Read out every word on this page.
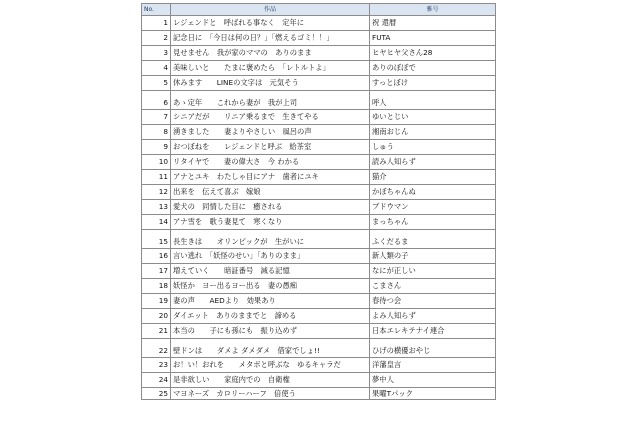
No.	作品	雅号
1	レジェンドと　呼ばれる事なく　定年に	祝 還暦
2	記念日に　「今日は何の日？」「燃えるゴミ！！」	FUTA
3	見せません　我が家のママの　ありのまま	ヒヤヒヤ父さん28
4	美味しいと　　たまに褒めたら　「レトルトよ」	ありのぼぼで
5	休みます　　LINEの文字は　元気そう	すっとぼけ
6	あゝ定年　　これから妻が　我が上司	呼人
7	シニアだが　　リニア乗るまで　生きてやる	ゆいとじい
8	湧きました　　妻よりやさしい　風呂の声	湘南おじん
9	おつぼねを　　レジェンドと呼ぶ　給茶室	しゅう
10	リタイヤで　　妻の偉大さ　今 わかる	読み人知らず
11	アナとユキ　わたしゃ目にアナ　歯者にユキ	猫介
12	出来を　伝えて喜ぶ　嫁娘	かぼちゃんぬ
13	愛犬の　同情した目に　癒される	ブドウマン
14	アナ雪を　歌う妻見て　寒くなり	まっちゃん
15	長生きは　　オリンピックが　生がいに	ふくだるま
16	言い逃れ　「妖怪のせい」「ありのまま」	新人類の子
17	増えていく　　暗証番号　減る記憶	なにが正しい
18	妖怪か　ヨー出るヨー出る　妻の愚痴	こまさん
19	妻の声　　AEDより　効果あり	春待つ会
20	ダイエット　ありのままでと　諦める	よみ人知らず
21	本当の　　子にも孫にも　振り込めず	日本エレキテナイ連合
22	壁ドンは　　ダメよ ダメダメ　借家でしょ!!	ひげの横優おやじ
23	お！い！おれを　　メタボと呼ぶな　ゆるキャラだ	洋藩皇言
24	是非欲しい　　家庭内での　自衛権	夢中人
25	マヨネーズ　カロリーハーフ　倍使う	果曜Tパック
